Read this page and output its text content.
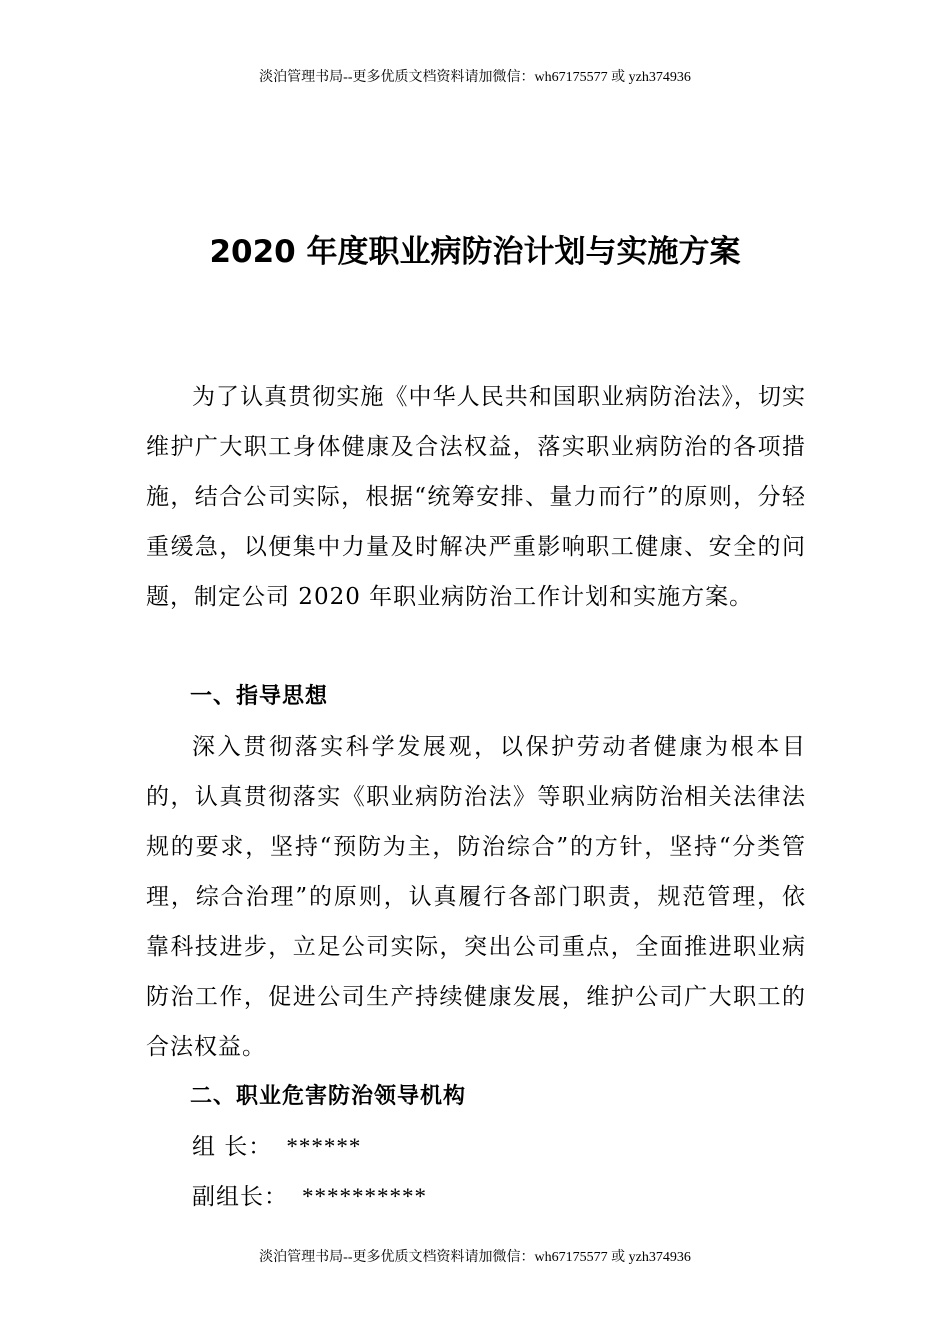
淡泊管理书局--更多优质文档资料请加微信：wh67175577 或 yzh374936
2020 年度职业病防治计划与实施方案

为了认真贯彻实施《中华人民共和国职业病防治法》，切实维护广大职工身体健康及合法权益，落实职业病防治的各项措施，结合公司实际，根据“统筹安排、量力而行”的原则，分轻重缓急，以便集中力量及时解决严重影响职工健康、安全的问题，制定公司 2020 年职业病防治工作计划和实施方案。

一、指导思想

深入贯彻落实科学发展观，以保护劳动者健康为根本目的，认真贯彻落实《职业病防治法》等职业病防治相关法律法规的要求，坚持“预防为主，防治综合”的方针，坚持“分类管理，综合治理”的原则，认真履行各部门职责，规范管理，依靠科技进步，立足公司实际，突出公司重点，全面推进职业病防治工作，促进公司生产持续健康发展，维护公司广大职工的合法权益。

二、职业危害防治领导机构

组 长： ******

副组长： **********

淡泊管理书局--更多优质文档资料请加微信：wh67175577 或 yzh374936
